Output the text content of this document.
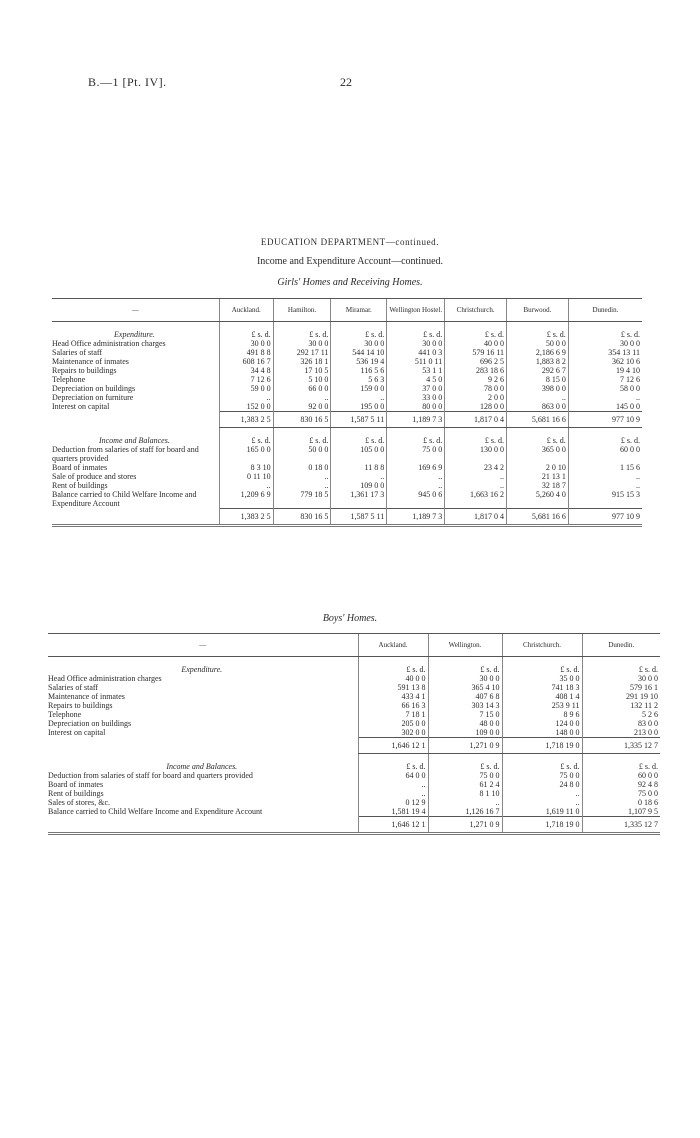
B.—1 [Pt. IV].	22
EDUCATION DEPARTMENT—continued.
Income and Expenditure Account—continued.
Girls' Homes and Receiving Homes.
—	Auckland.	Hamilton.	Miramar.	Wellington Hostel.	Christchurch.	Burwood.	Dunedin.
Expenditure.	£ s. d.	£ s. d.	£ s. d.	£ s. d.	£ s. d.	£ s. d.	£ s. d.
Head Office administration charges	30 0 0	30 0 0	30 0 0	30 0 0	40 0 0	50 0 0	30 0 0
Salaries of staff	491 8 8	292 17 11	544 14 10	441 0 3	579 16 11	2,186 6 9	354 13 11
Maintenance of inmates	608 16 7	326 18 1	536 19 4	511 0 11	696 2 5	1,883 8 2	362 10 6
Repairs to buildings	34 4 8	17 10 5	116 5 6	53 1 1	283 18 6	292 6 7	19 4 10
Telephone	7 12 6	5 10 0	5 6 3	4 5 0	9 2 6	8 15 0	7 12 6
Depreciation on buildings	59 0 0	66 0 0	159 0 0	37 0 0	78 0 0	398 0 0	58 0 0
Depreciation on furniture	..	..	..	33 0 0	2 0 0	..	..
Interest on capital	152 0 0	92 0 0	195 0 0	80 0 0	128 0 0	863 0 0	145 0 0
	1,383 2 5	830 16 5	1,587 5 11	1,189 7 3	1,817 0 4	5,681 16 6	977 10 9
Income and Balances.	£ s. d.	£ s. d.	£ s. d.	£ s. d.	£ s. d.	£ s. d.	£ s. d.
Deduction from salaries of staff for board and quarters provided	165 0 0	50 0 0	105 0 0	75 0 0	130 0 0	365 0 0	60 0 0
Board of inmates	8 3 10	0 18 0	11 8 8	169 6 9	23 4 2	2 0 10	1 15 6
Sale of produce and stores	0 11 10	..	..	..	..	21 13 1	..
Rent of buildings	..	..	109 0 0	..	..	32 18 7	..
Balance carried to Child Welfare Income and Expenditure Account	1,209 6 9	779 18 5	1,361 17 3	945 0 6	1,663 16 2	5,260 4 0	915 15 3
	1,383 2 5	830 16 5	1,587 5 11	1,189 7 3	1,817 0 4	5,681 16 6	977 10 9
Boys' Homes.
—	Auckland.	Wellington.	Christchurch.	Dunedin.
Expenditure.	£ s. d.	£ s. d.	£ s. d.	£ s. d.
Head Office administration charges	40 0 0	30 0 0	35 0 0	30 0 0
Salaries of staff	591 13 8	365 4 10	741 18 3	579 16 1
Maintenance of inmates	433 4 1	407 6 8	408 1 4	291 19 10
Repairs to buildings	66 16 3	303 14 3	253 9 11	132 11 2
Telephone	7 18 1	7 15 0	8 9 6	5 2 6
Depreciation on buildings	205 0 0	48 0 0	124 0 0	83 0 0
Interest on capital	302 0 0	109 0 0	148 0 0	213 0 0
	1,646 12 1	1,271 0 9	1,718 19 0	1,335 12 7
Income and Balances.	£ s. d.	£ s. d.	£ s. d.	£ s. d.
Deduction from salaries of staff for board and quarters provided	64 0 0	75 0 0	75 0 0	60 0 0
Board of inmates	..	61 2 4	24 8 0	92 4 8
Rent of buildings	..	8 1 10	..	75 0 0
Sales of stores, &c.	0 12 9	..	..	0 18 6
Balance carried to Child Welfare Income and Expenditure Account	1,581 19 4	1,126 16 7	1,619 11 0	1,107 9 5
	1,646 12 1	1,271 0 9	1,718 19 0	1,335 12 7
